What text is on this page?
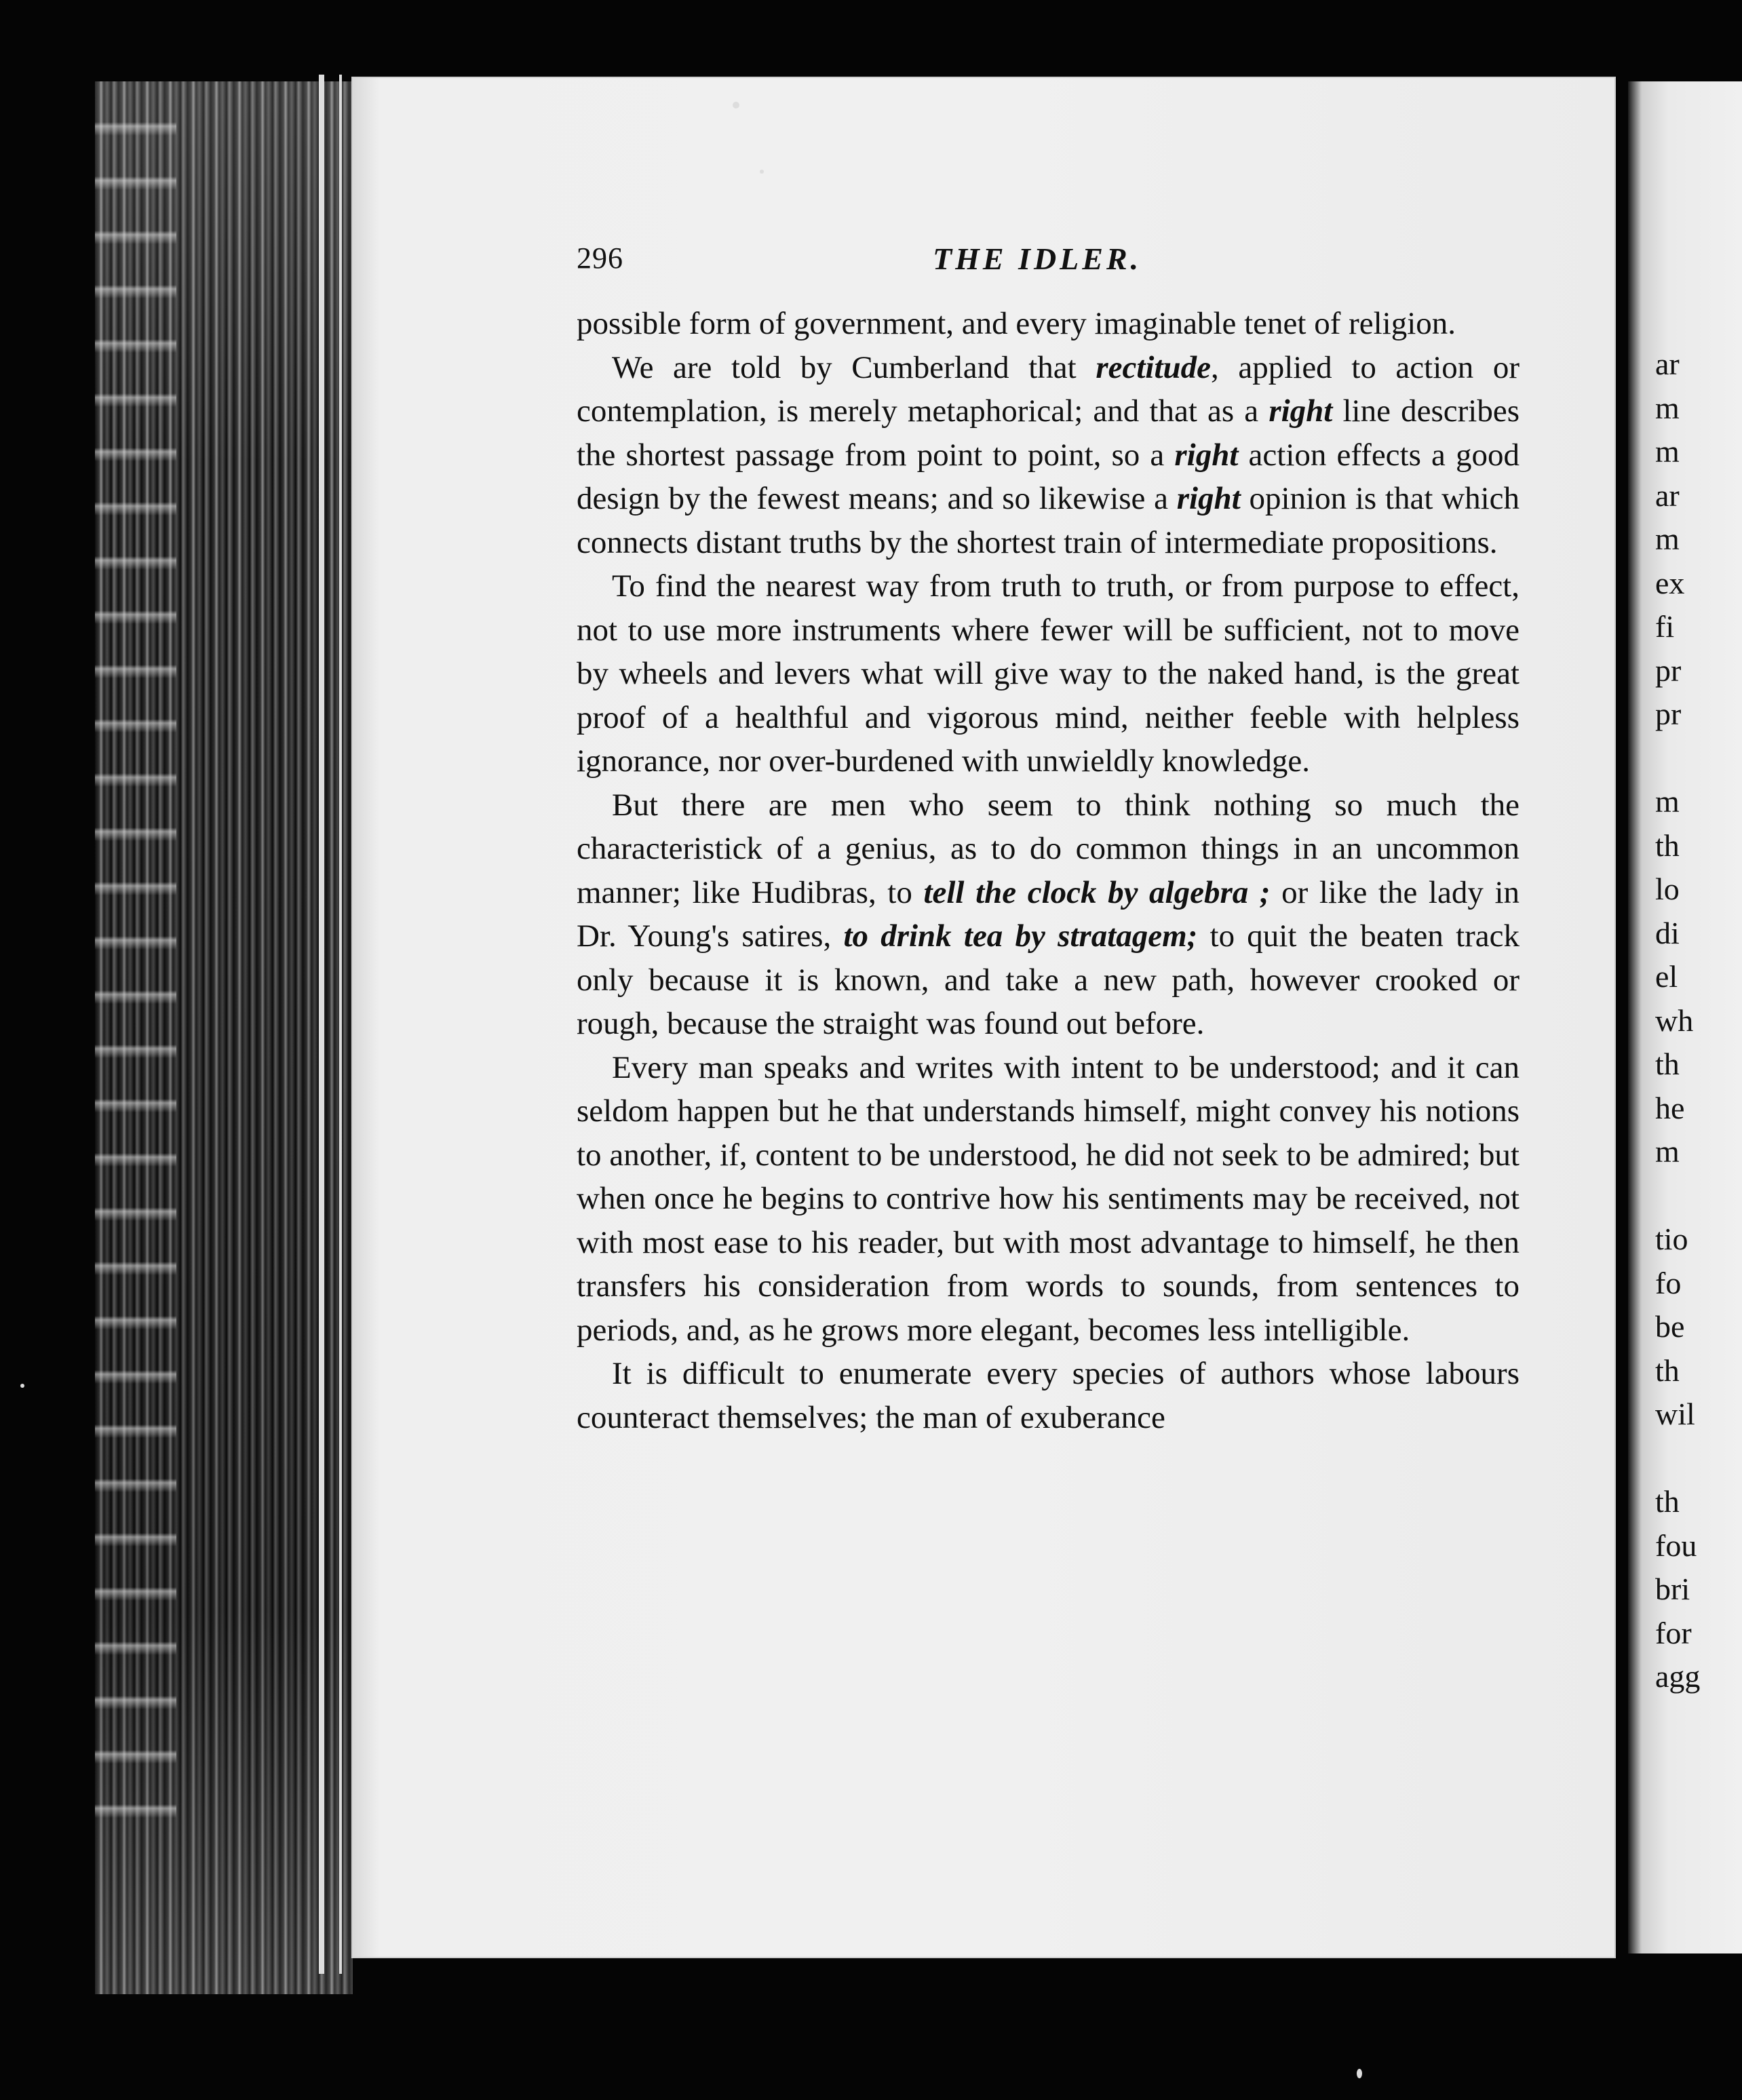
296	THE IDLER.

possible form of government, and every imaginable tenet of religion.

We are told by Cumberland that rectitude, applied to action or contemplation, is merely metaphorical; and that as a right line describes the shortest passage from point to point, so a right action effects a good design by the fewest means; and so likewise a right opinion is that which connects distant truths by the shortest train of intermediate propositions.

To find the nearest way from truth to truth, or from purpose to effect, not to use more instruments where fewer will be sufficient, not to move by wheels and levers what will give way to the naked hand, is the great proof of a healthful and vigorous mind, neither feeble with helpless ignorance, nor over-burdened with unwieldly knowledge.

But there are men who seem to think nothing so much the characteristick of a genius, as to do common things in an uncommon manner; like Hudibras, to tell the clock by algebra ; or like the lady in Dr. Young's satires, to drink tea by stratagem; to quit the beaten track only because it is known, and take a new path, however crooked or rough, because the straight was found out before.

Every man speaks and writes with intent to be understood; and it can seldom happen but he that understands himself, might convey his notions to another, if, content to be understood, he did not seek to be admired; but when once he begins to contrive how his sentiments may be received, not with most ease to his reader, but with most advantage to himself, he then transfers his consideration from words to sounds, from sentences to periods, and, as he grows more elegant, becomes less intelligible.

It is difficult to enumerate every species of authors whose labours counteract themselves; the man of exuberance

ar
m
m
ar
m
ex
fi
pr
pr
m
th
lo
di
el
wh
th
he
m
tio
fo
be
th
wil
th
fou
bri
for
agg
